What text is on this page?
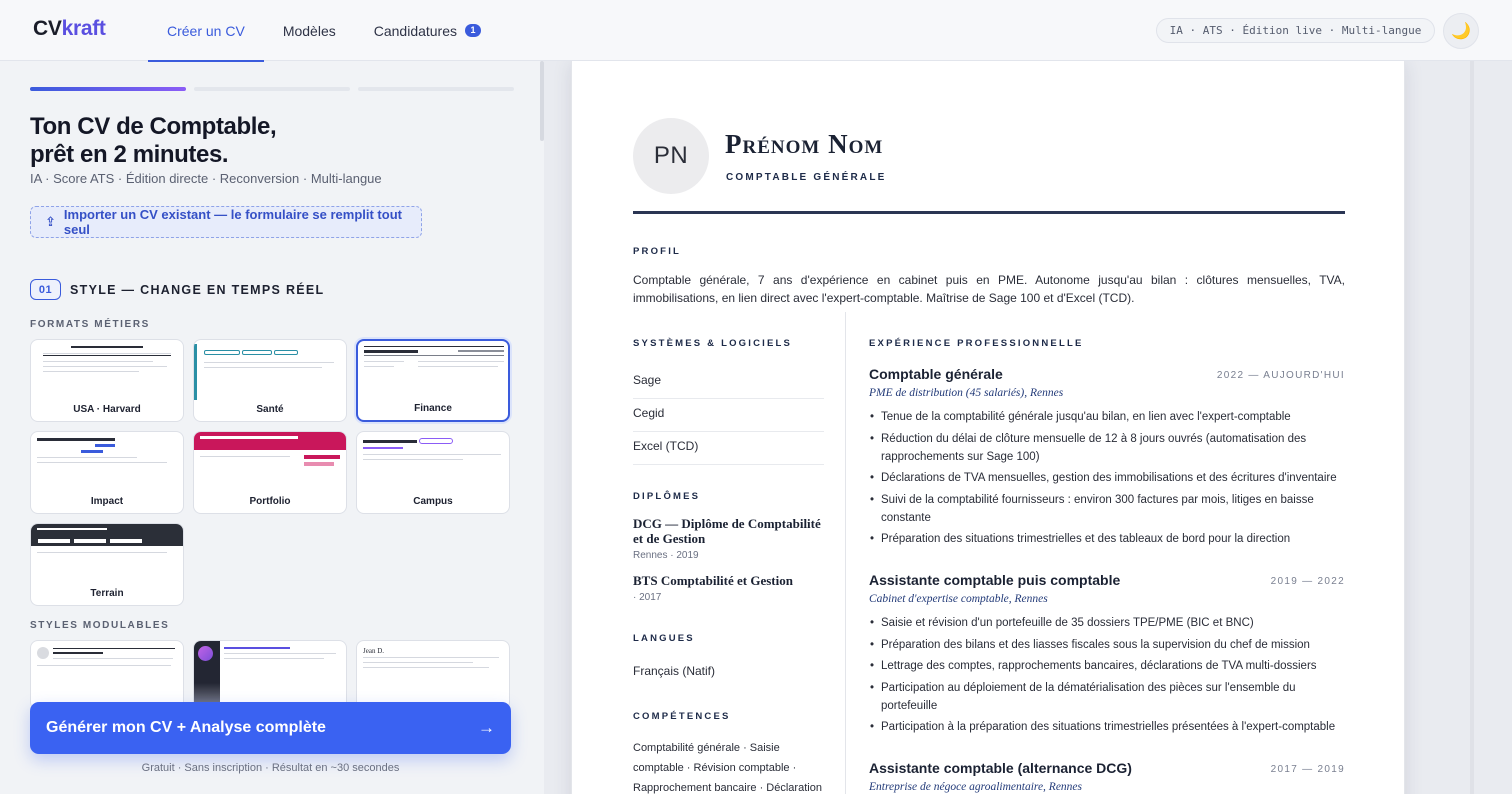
CVkraft	Créer un CV	Modèles	Candidatures	1	IA · ATS · Édition live · Multi-langue	🌙
Ton CV de Comptable,
prêt en 2 minutes.
IA · Score ATS · Édition directe · Reconversion · Multi-langue
⇪ Importer un CV existant — le formulaire se remplit tout seul
01	STYLE — CHANGE EN TEMPS RÉEL
FORMATS MÉTIERS
USA · Harvard	Santé	Finance
Impact	Portfolio	Campus
Terrain
STYLES MODULABLES
Jean D.
Générer mon CV + Analyse complète	→
Gratuit · Sans inscription · Résultat en ~30 secondes
PN	Prénom Nom
COMPTABLE GÉNÉRALE
PROFIL
Comptable générale, 7 ans d'expérience en cabinet puis en PME. Autonome jusqu'au bilan : clôtures mensuelles, TVA, immobilisations, en lien direct avec l'expert-comptable. Maîtrise de Sage 100 et d'Excel (TCD).
SYSTÈMES & LOGICIELS
Sage
Cegid
Excel (TCD)
DIPLÔMES
DCG — Diplôme de Comptabilité et de Gestion
Rennes · 2019
BTS Comptabilité et Gestion
· 2017
LANGUES
Français (Natif)
COMPÉTENCES
Comptabilité générale · Saisie comptable · Révision comptable · Rapprochement bancaire · Déclaration
EXPÉRIENCE PROFESSIONNELLE
Comptable générale	2022 — AUJOURD'HUI
PME de distribution (45 salariés), Rennes
• Tenue de la comptabilité générale jusqu'au bilan, en lien avec l'expert-comptable
• Réduction du délai de clôture mensuelle de 12 à 8 jours ouvrés (automatisation des rapprochements sur Sage 100)
• Déclarations de TVA mensuelles, gestion des immobilisations et des écritures d'inventaire
• Suivi de la comptabilité fournisseurs : environ 300 factures par mois, litiges en baisse constante
• Préparation des situations trimestrielles et des tableaux de bord pour la direction
Assistante comptable puis comptable	2019 — 2022
Cabinet d'expertise comptable, Rennes
• Saisie et révision d'un portefeuille de 35 dossiers TPE/PME (BIC et BNC)
• Préparation des bilans et des liasses fiscales sous la supervision du chef de mission
• Lettrage des comptes, rapprochements bancaires, déclarations de TVA multi-dossiers
• Participation au déploiement de la dématérialisation des pièces sur l'ensemble du portefeuille
• Participation à la préparation des situations trimestrielles présentées à l'expert-comptable
Assistante comptable (alternance DCG)	2017 — 2019
Entreprise de négoce agroalimentaire, Rennes
